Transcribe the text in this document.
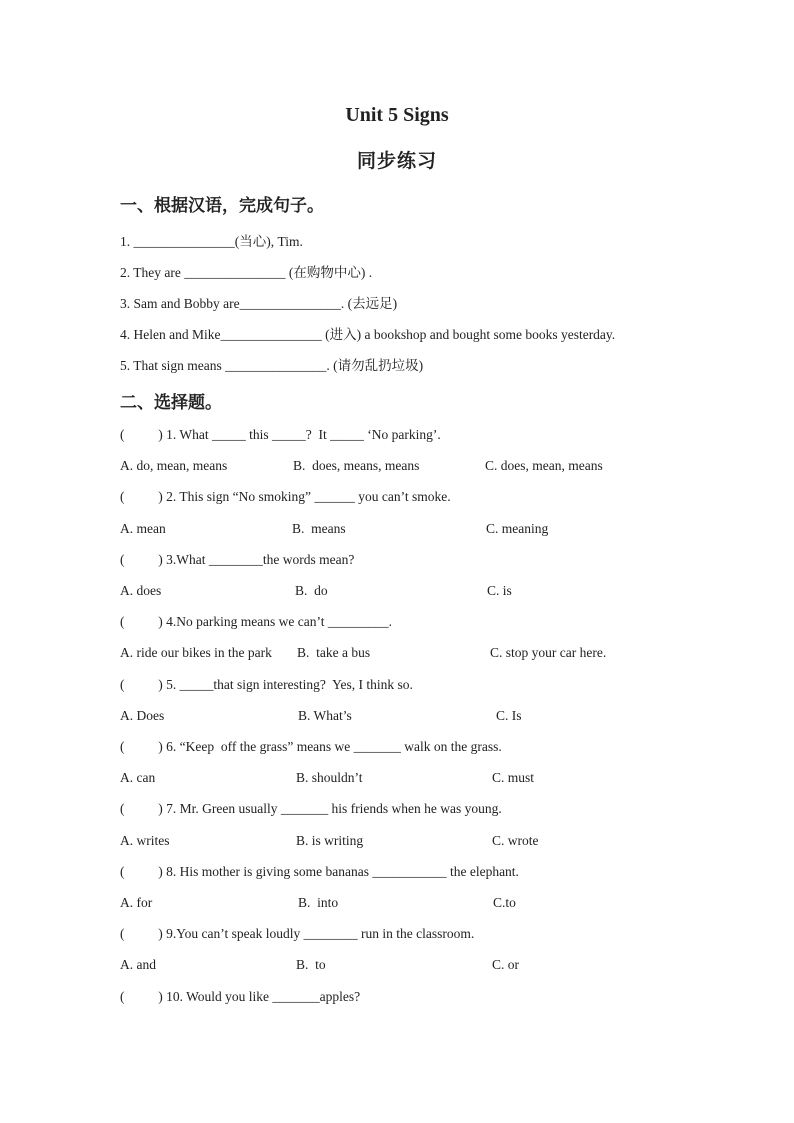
Unit 5 Signs
同步练习
一、根据汉语，完成句子。
1. _______________(当心), Tim.
2. They are _______________ (在购物中心) .
3. Sam and Bobby are_______________. (去远足)
4. Helen and Mike_______________ (进入) a bookshop and bought some books yesterday.
5. That sign means _______________. (请勿乱扔垃圾)
二、选择题。
(          ) 1. What _____ this _____?  It _____ ‘No parking’.
A. do, mean, means	B.  does, means, means	C. does, mean, means
(          ) 2. This sign “No smoking” ______ you can’t smoke.
A. mean	B.  means	C. meaning
(          ) 3.What ________the words mean?
A. does	B.  do	C. is
(          ) 4.No parking means we can’t _________.
A. ride our bikes in the park B.  take a bus	C. stop your car here.
(          ) 5. _____that sign interesting?  Yes, I think so.
A. Does	B. What’s	C. Is
(          ) 6. “Keep  off the grass” means we _______ walk on the grass.
A. can	B. shouldn’t	C. must
(          ) 7. Mr. Green usually _______ his friends when he was young.
A. writes	B. is writing	C. wrote
(          ) 8. His mother is giving some bananas ___________ the elephant.
A. for	B.  into	C.to
(          ) 9.You can’t speak loudly ________ run in the classroom.
A. and	B.  to	C. or
(          ) 10. Would you like _______apples?
